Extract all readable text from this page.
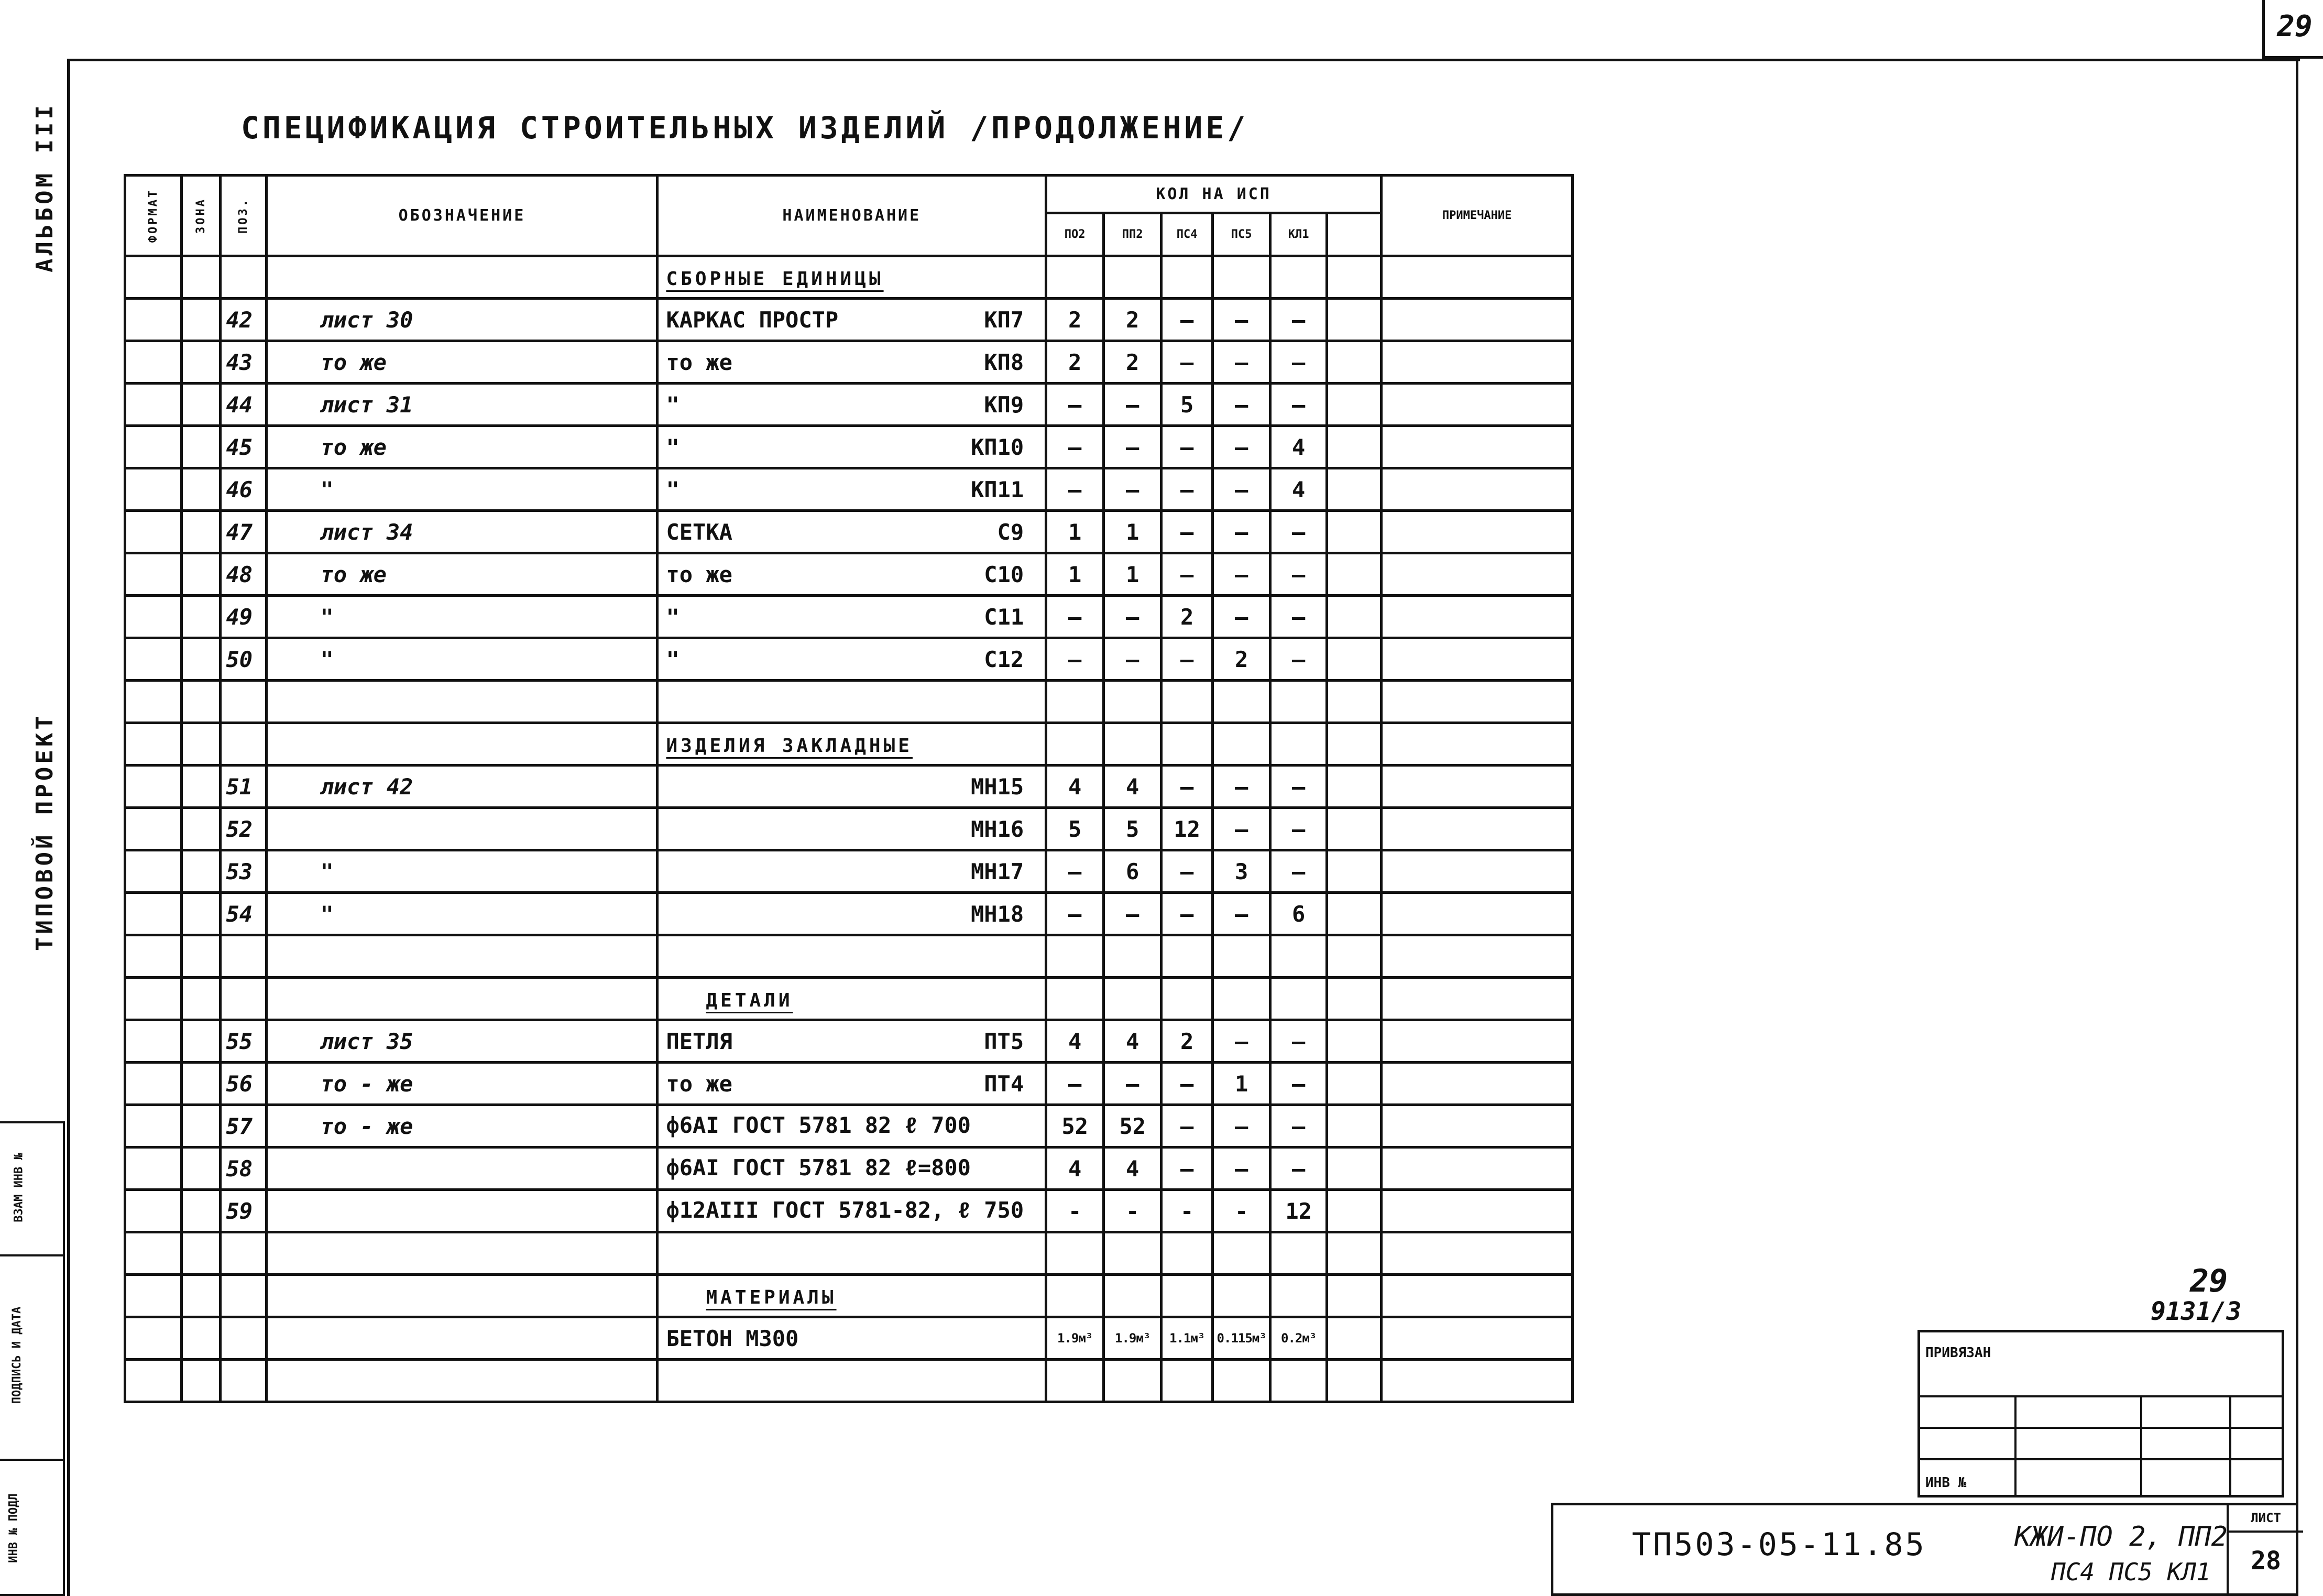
29
АЛЬБОМ III
ТИПОВОЙ ПРОЕКТ
ВЗАМ ИНВ №
ПОДПИСЬ И ДАТА
ИНВ № ПОДЛ
СПЕЦИФИКАЦИЯ СТРОИТЕЛЬНЫХ ИЗДЕЛИЙ /ПРОДОЛЖЕНИЕ/
ФОРМАТ	ЗОНА	ПОЗ.	ОБОЗНАЧЕНИЕ	НАИМЕНОВАНИЕ	КОЛ НА ИСП						ПРИМЕЧАНИЕ
					ПО2	ПП2	ПС4	ПС5	КЛ1		
				СБОРНЫЕ ЕДИНИЦЫ							
		42	лист 30	КАРКАС ПРОСТР КП7	2	2	—	—	—		
		43	то же	то же КП8	2	2	—	—	—		
		44	лист 31	" КП9	—	—	5	—	—		
		45	то же	" КП10	—	—	—	—	4		
		46	"	" КП11	—	—	—	—	4		
		47	лист 34	СЕТКА С9	1	1	—	—	—		
		48	то же	то же С10	1	1	—	—	—		
		49	"	" С11	—	—	2	—	—		
		50	"	" С12	—	—	—	2	—		

				ИЗДЕЛИЯ ЗАКЛАДНЫЕ							
		51	лист 42	МН15	4	4	—	—	—		
		52		МН16	5	5	12	—	—		
		53	"	МН17	—	6	—	3	—		
		54	"	МН18	—	—	—	—	6		

				ДЕТАЛИ							
		55	лист 35	ПЕТЛЯ ПТ5	4	4	2	—	—		
		56	то - же	то же ПТ4	—	—	—	1	—		
		57	то - же	ф6АI ГОСТ 5781 82 ℓ 700	52	52	—	—	—		
		58		ф6АI ГОСТ 5781 82 ℓ=800	4	4	—	—	—		
		59		ф12АIII ГОСТ 5781-82, ℓ 750	-	-	-	-	12		

				МАТЕРИАЛЫ							

				БЕТОН М300	1.9м³	1.9м³	1.1м³	0.115м³	0.2м³		

29
9131/3
ПРИВЯЗАН
ИНВ №
ТП503-05-11.85	КЖИ-ПО 2, ПП2
ПС4 ПС5 КЛ1
ЛИСТ
28
